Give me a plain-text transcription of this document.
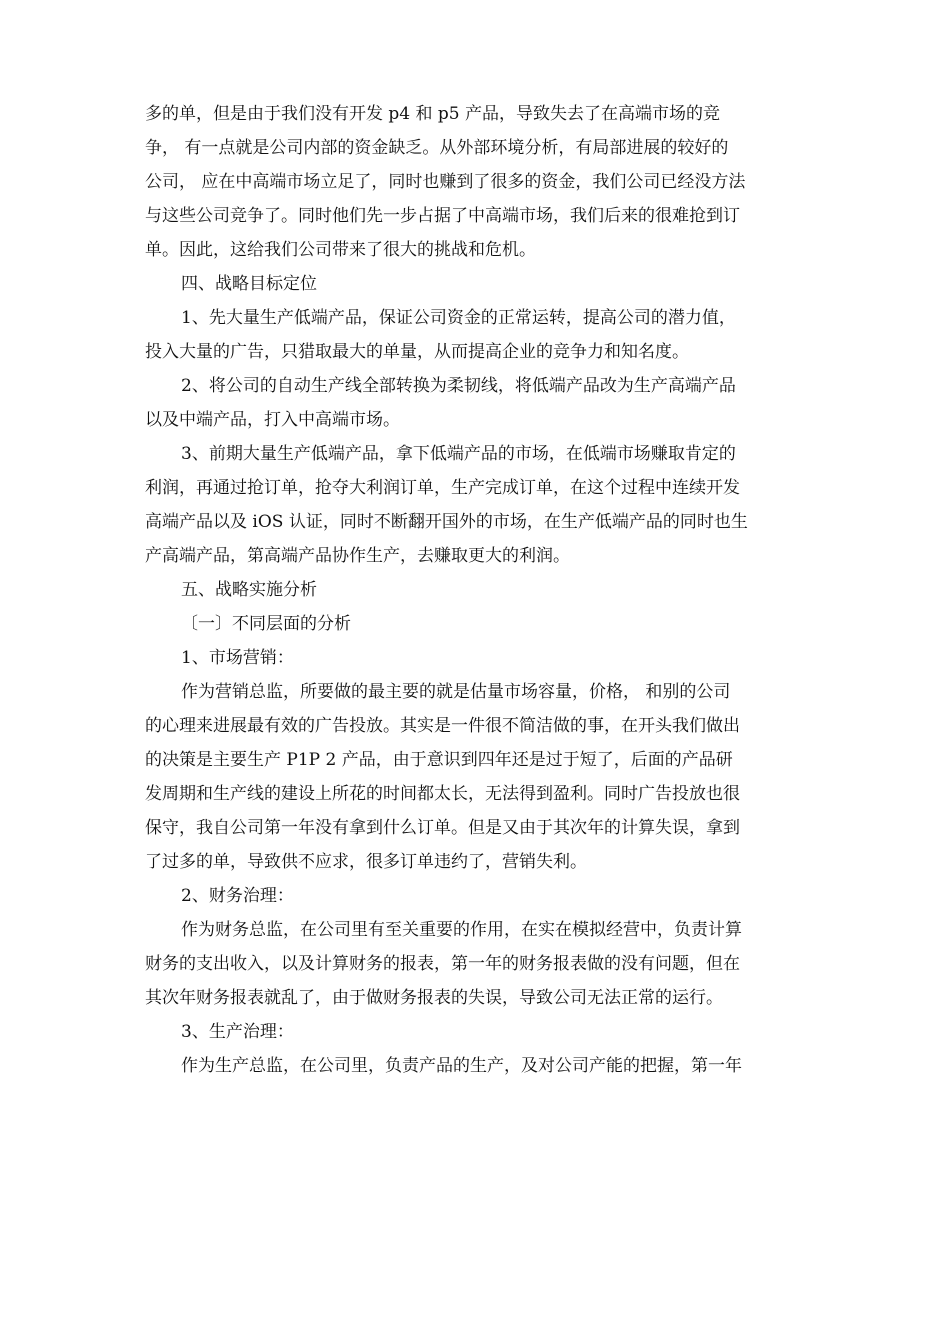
多的单，但是由于我们没有开发 p4 和 p5 产品，导致失去了在高端市场的竞
争， 有一点就是公司内部的资金缺乏。从外部环境分析，有局部进展的较好的
公司， 应在中高端市场立足了，同时也赚到了很多的资金，我们公司已经没方法
与这些公司竞争了。同时他们先一步占据了中高端市场，我们后来的很难抢到订
单。因此，这给我们公司带来了很大的挑战和危机。
四、战略目标定位
1、先大量生产低端产品，保证公司资金的正常运转，提高公司的潜力值，
投入大量的广告，只猎取最大的单量，从而提高企业的竞争力和知名度。
2、将公司的自动生产线全部转换为柔韧线，将低端产品改为生产高端产品
以及中端产品，打入中高端市场。
3、前期大量生产低端产品，拿下低端产品的市场，在低端市场赚取肯定的
利润，再通过抢订单，抢夺大利润订单，生产完成订单，在这个过程中连续开发
高端产品以及 iOS 认证，同时不断翻开国外的市场，在生产低端产品的同时也生
产高端产品，第高端产品协作生产，去赚取更大的利润。
五、战略实施分析
〔一〕不同层面的分析
1、市场营销：
作为营销总监，所要做的最主要的就是估量市场容量，价格， 和别的公司
的心理来进展最有效的广告投放。其实是一件很不简洁做的事，在开头我们做出
的决策是主要生产 P1P 2 产品，由于意识到四年还是过于短了，后面的产品研
发周期和生产线的建设上所花的时间都太长，无法得到盈利。同时广告投放也很
保守，我自公司第一年没有拿到什么订单。但是又由于其次年的计算失误，拿到
了过多的单，导致供不应求，很多订单违约了，营销失利。
2、财务治理：
作为财务总监，在公司里有至关重要的作用，在实在模拟经营中，负责计算
财务的支出收入，以及计算财务的报表，第一年的财务报表做的没有问题，但在
其次年财务报表就乱了，由于做财务报表的失误，导致公司无法正常的运行。
3、生产治理：
作为生产总监，在公司里，负责产品的生产，及对公司产能的把握，第一年
